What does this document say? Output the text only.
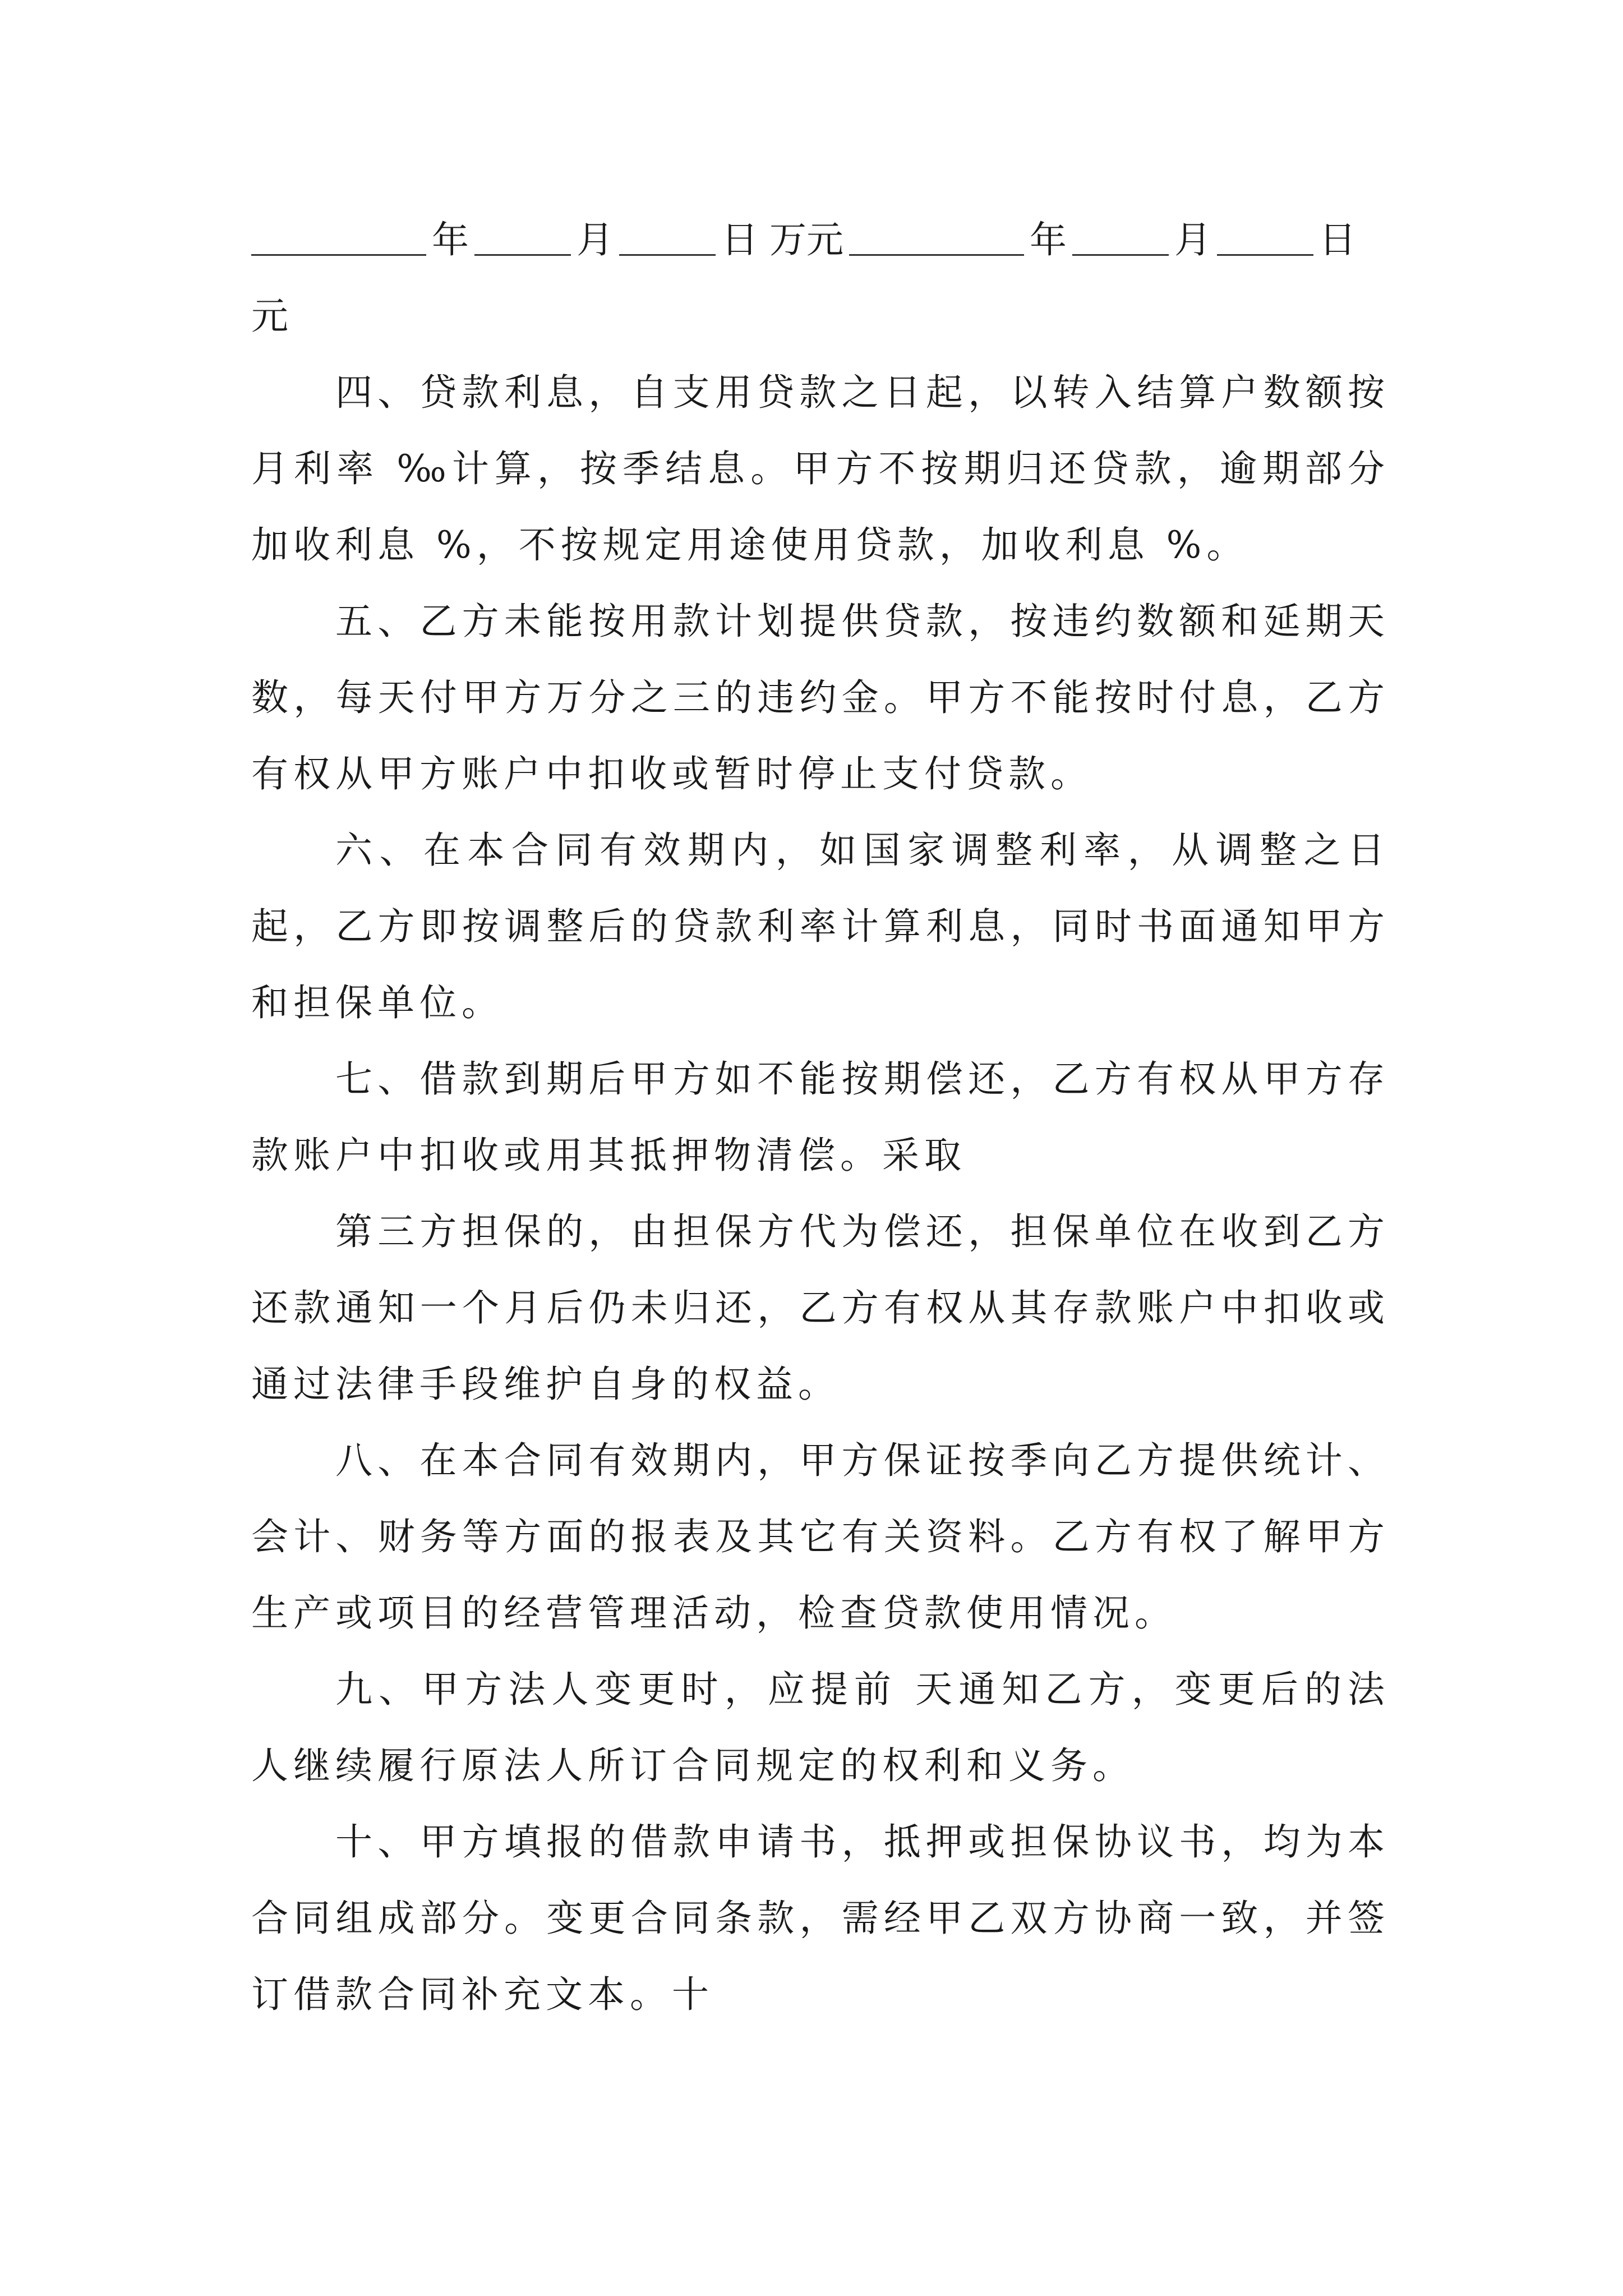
年	月	日 万元	年	月	日

元

四、贷款利息，自支用贷款之日起，以转入结算户数额按月利率 ‰计算，按季结息。甲方不按期归还贷款，逾期部分加收利息 %，不按规定用途使用贷款，加收利息 %。

五、乙方未能按用款计划提供贷款，按违约数额和延期天数，每天付甲方万分之三的违约金。甲方不能按时付息，乙方有权从甲方账户中扣收或暂时停止支付贷款。

六、在本合同有效期内，如国家调整利率，从调整之日起，乙方即按调整后的贷款利率计算利息，同时书面通知甲方和担保单位。

七、借款到期后甲方如不能按期偿还，乙方有权从甲方存款账户中扣收或用其抵押物清偿。采取

第三方担保的，由担保方代为偿还，担保单位在收到乙方还款通知一个月后仍未归还，乙方有权从其存款账户中扣收或通过法律手段维护自身的权益。

八、在本合同有效期内，甲方保证按季向乙方提供统计、会计、财务等方面的报表及其它有关资料。乙方有权了解甲方生产或项目的经营管理活动，检查贷款使用情况。

九、甲方法人变更时，应提前 天通知乙方，变更后的法人继续履行原法人所订合同规定的权利和义务。

十、甲方填报的借款申请书，抵押或担保协议书，均为本合同组成部分。变更合同条款，需经甲乙双方协商一致，并签订借款合同补充文本。十
